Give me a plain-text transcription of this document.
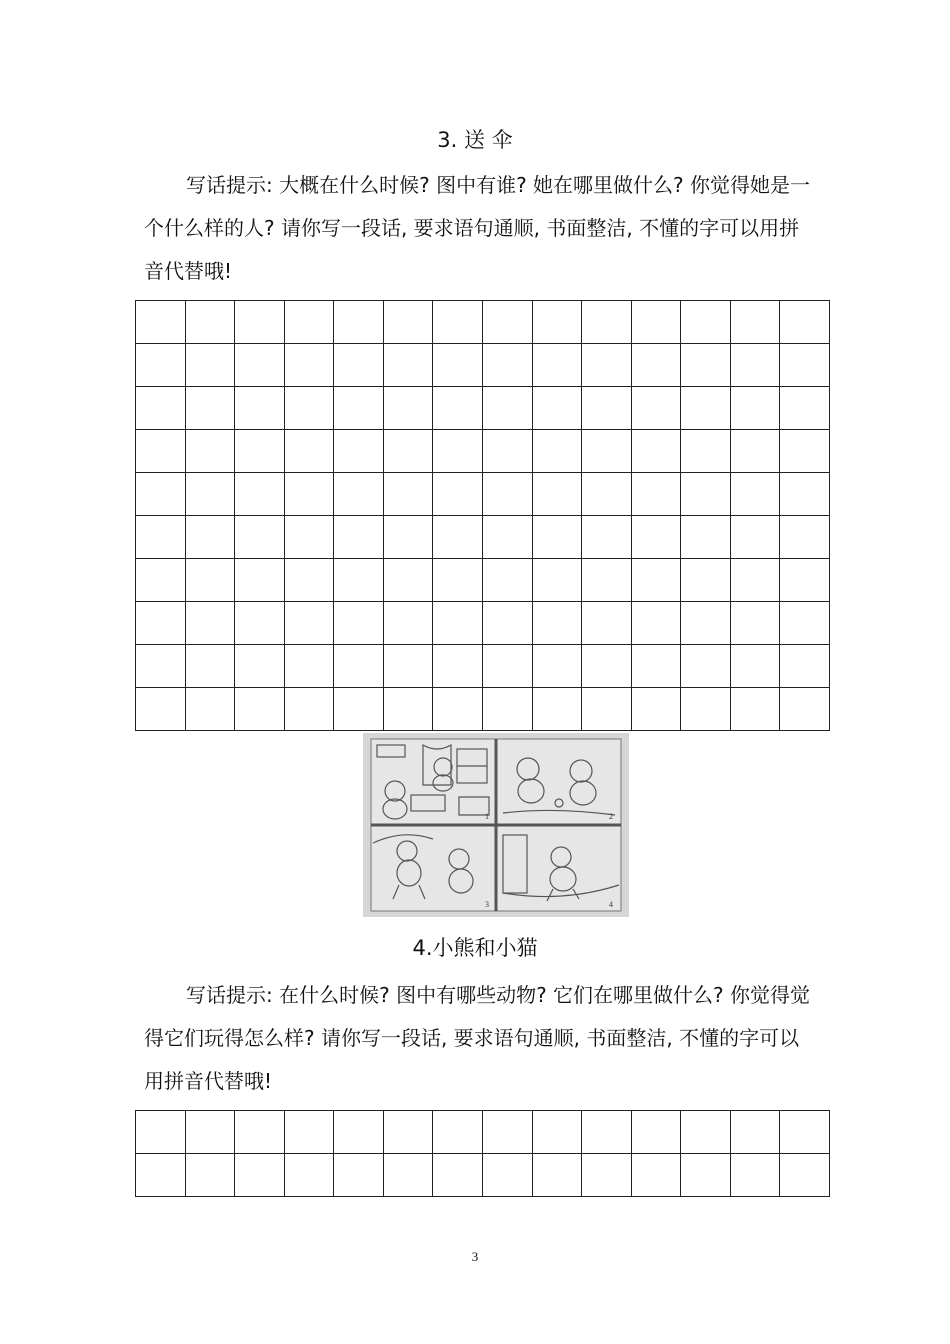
3. 送 伞

写话提示: 大概在什么时候? 图中有谁? 她在哪里做什么? 你觉得她是一个什么样的人? 请你写一段话, 要求语句通顺, 书面整洁, 不懂的字可以用拼音代替哦!

1	2
3	4
4.小熊和小猫

写话提示: 在什么时候? 图中有哪些动物? 它们在哪里做什么? 你觉得觉得它们玩得怎么样? 请你写一段话, 要求语句通顺, 书面整洁, 不懂的字可以用拼音代替哦!

3
